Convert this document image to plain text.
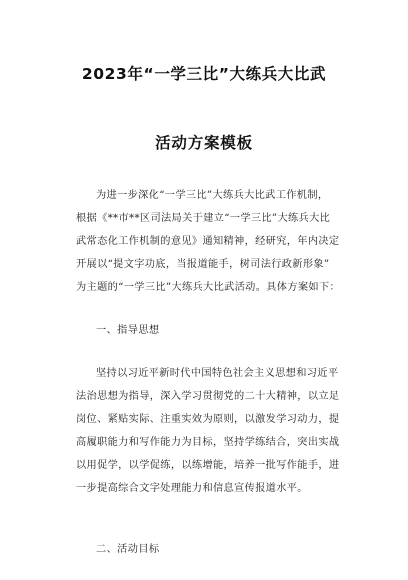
2023年“一学三比”大练兵大比武
活动方案模板
为进一步深化“一学三比”大练兵大比武工作机制，
根据《**市**区司法局关于建立“一学三比”大练兵大比
武常态化工作机制的意见》通知精神，经研究，年内决定
开展以“提文字功底，当报道能手，树司法行政新形象”
为主题的“一学三比”大练兵大比武活动。具体方案如下：
一、指导思想
坚持以习近平新时代中国特色社会主义思想和习近平
法治思想为指导，深入学习贯彻党的二十大精神，以立足
岗位、紧贴实际、注重实效为原则，以激发学习动力，提
高履职能力和写作能力为目标，坚持学练结合，突出实战
以用促学，以学促练，以练增能，培养一批写作能手，进
一步提高综合文字处理能力和信息宣传报道水平。
二、活动目标
